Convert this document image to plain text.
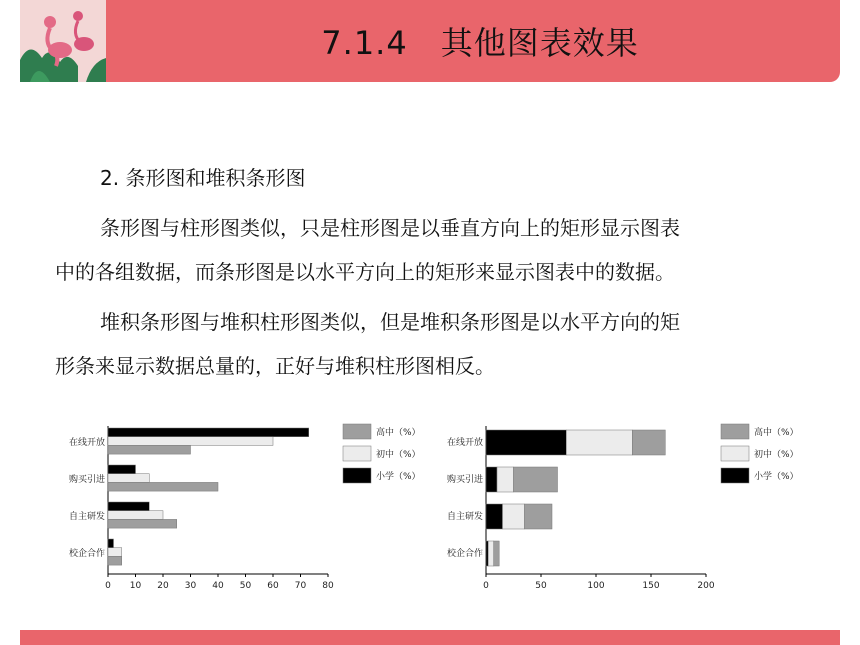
7.1.4　其他图表效果
2. 条形图和堆积条形图
条形图与柱形图类似，只是柱形图是以垂直方向上的矩形显示图表
中的各组数据，而条形图是以水平方向上的矩形来显示图表中的数据。
堆积条形图与堆积柱形图类似，但是堆积条形图是以水平方向的矩
形条来显示数据总量的，正好与堆积柱形图相反。
0 10 20 30 40 50 60 70 80
在线开放
购买引进
自主研发
校企合作
高中（%）
初中（%）
小学（%）
0	50	100	150	200
在线开放
购买引进
自主研发
校企合作
高中（%）
初中（%）
小学（%）
